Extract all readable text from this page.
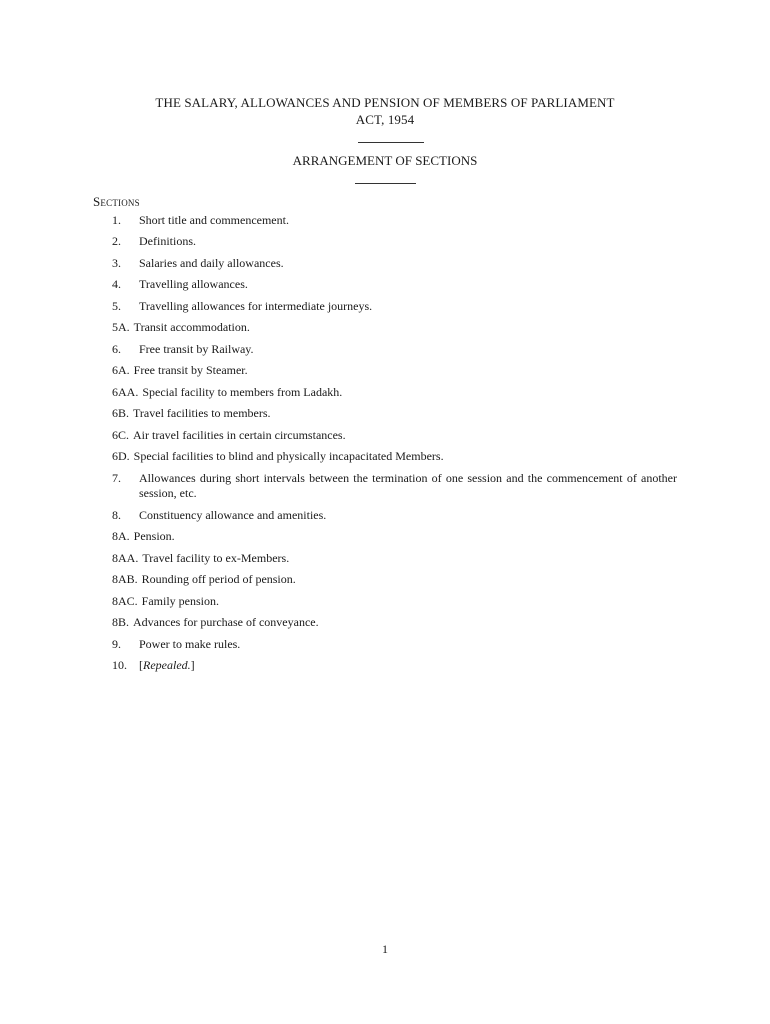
THE SALARY, ALLOWANCES AND PENSION OF MEMBERS OF PARLIAMENT
ACT, 1954
ARRANGEMENT OF SECTIONS
Sections
1. Short title and commencement.
2. Definitions.
3. Salaries and daily allowances.
4. Travelling allowances.
5. Travelling allowances for intermediate journeys.
5A. Transit accommodation.
6. Free transit by Railway.
6A. Free transit by Steamer.
6AA. Special facility to members from Ladakh.
6B. Travel facilities to members.
6C. Air travel facilities in certain circumstances.
6D. Special facilities to blind and physically incapacitated Members.
7.	Allowances during short intervals between the termination of one session and the commencement of another session, etc.
8. Constituency allowance and amenities.
8A. Pension.
8AA. Travel facility to ex-Members.
8AB. Rounding off period of pension.
8AC. Family pension.
8B. Advances for purchase of conveyance.
9. Power to make rules.
10. [Repealed.]
1
